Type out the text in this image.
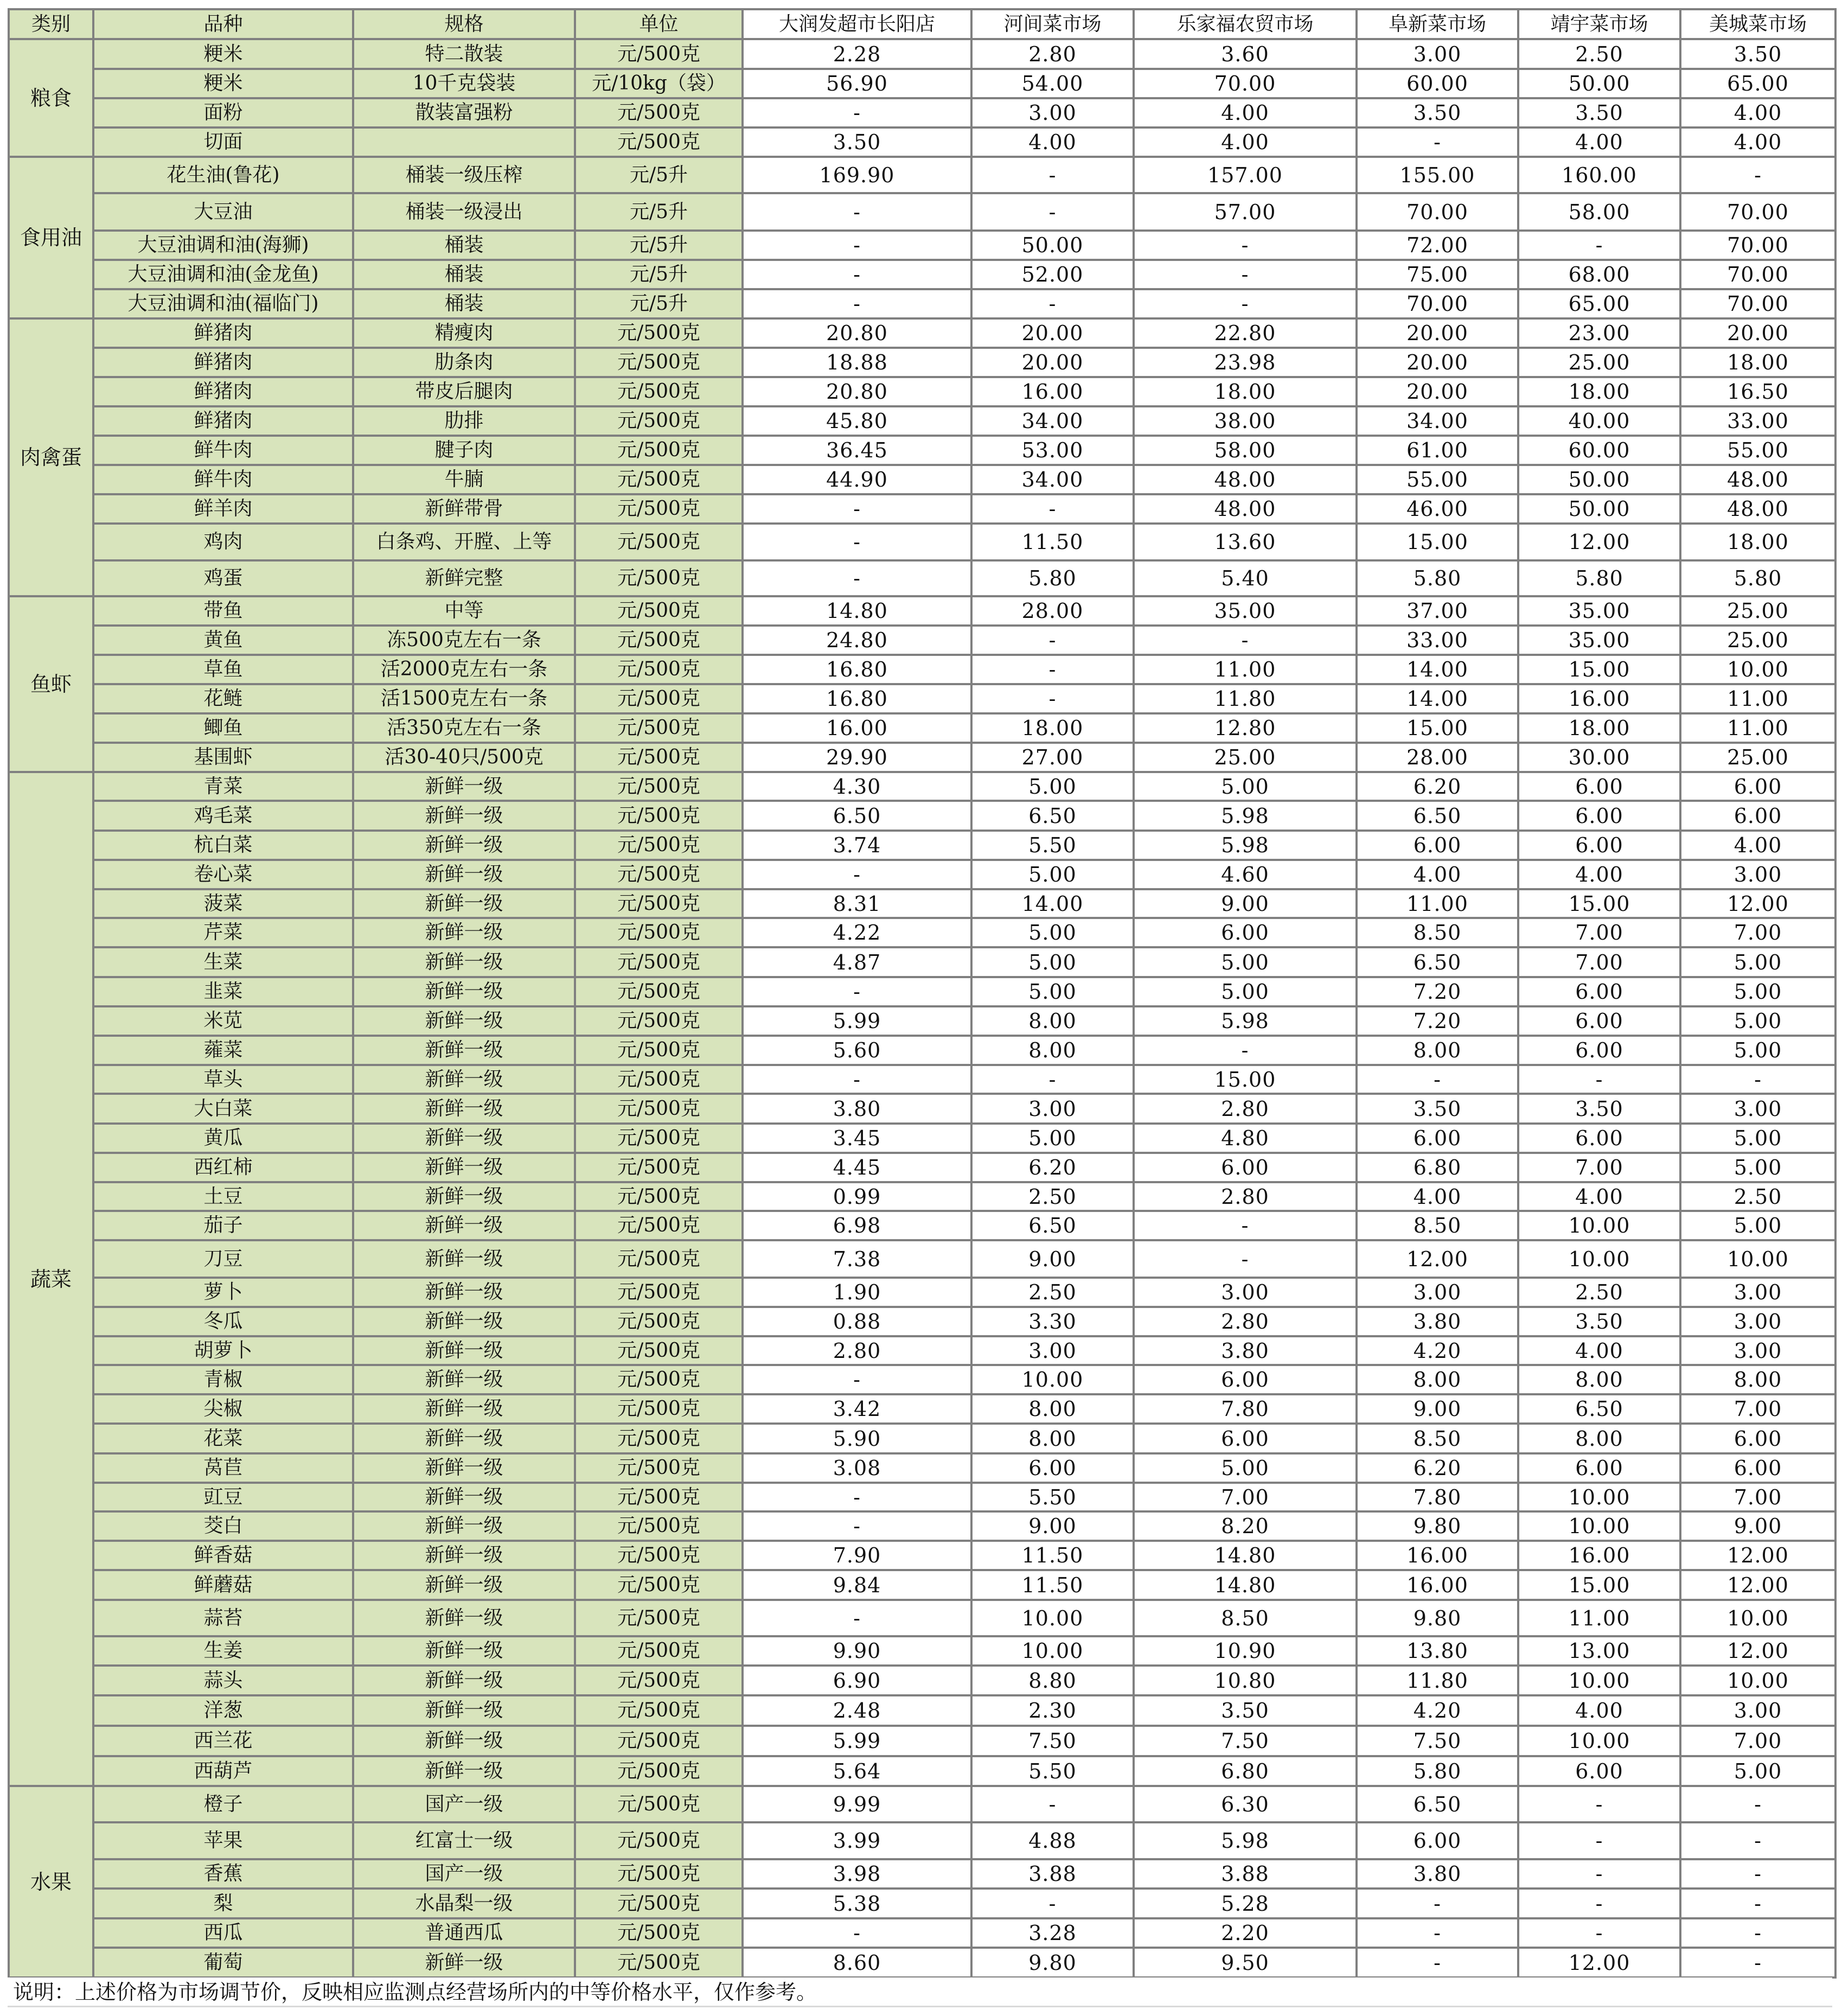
类别	品种	规格	单位	大润发超市长阳店	河间菜市场	乐家福农贸市场	阜新菜市场	靖宇菜市场	美城菜市场
粮食	粳米	特二散装	元/500克	2.28	2.80	3.60	3.00	2.50	3.50
	粳米	10千克袋装	元/10kg（袋）	56.90	54.00	70.00	60.00	50.00	65.00
	面粉	散装富强粉	元/500克	-	3.00	4.00	3.50	3.50	4.00
	切面		元/500克	3.50	4.00	4.00	-	4.00	4.00
食用油	花生油(鲁花)	桶装一级压榨	元/5升	169.90	-	157.00	155.00	160.00	-
	大豆油	桶装一级浸出	元/5升	-	-	57.00	70.00	58.00	70.00
	大豆油调和油(海狮)	桶装	元/5升	-	50.00	-	72.00	-	70.00
	大豆油调和油(金龙鱼)	桶装	元/5升	-	52.00	-	75.00	68.00	70.00
	大豆油调和油(福临门)	桶装	元/5升	-	-	-	70.00	65.00	70.00
肉禽蛋	鲜猪肉	精瘦肉	元/500克	20.80	20.00	22.80	20.00	23.00	20.00
	鲜猪肉	肋条肉	元/500克	18.88	20.00	23.98	20.00	25.00	18.00
	鲜猪肉	带皮后腿肉	元/500克	20.80	16.00	18.00	20.00	18.00	16.50
	鲜猪肉	肋排	元/500克	45.80	34.00	38.00	34.00	40.00	33.00
	鲜牛肉	腱子肉	元/500克	36.45	53.00	58.00	61.00	60.00	55.00
	鲜牛肉	牛腩	元/500克	44.90	34.00	48.00	55.00	50.00	48.00
	鲜羊肉	新鲜带骨	元/500克	-	-	48.00	46.00	50.00	48.00
	鸡肉	白条鸡、开膛、上等	元/500克	-	11.50	13.60	15.00	12.00	18.00
	鸡蛋	新鲜完整	元/500克	-	5.80	5.40	5.80	5.80	5.80
鱼虾	带鱼	中等	元/500克	14.80	28.00	35.00	37.00	35.00	25.00
	黄鱼	冻500克左右一条	元/500克	24.80	-	-	33.00	35.00	25.00
	草鱼	活2000克左右一条	元/500克	16.80	-	11.00	14.00	15.00	10.00
	花鲢	活1500克左右一条	元/500克	16.80	-	11.80	14.00	16.00	11.00
	鲫鱼	活350克左右一条	元/500克	16.00	18.00	12.80	15.00	18.00	11.00
	基围虾	活30-40只/500克	元/500克	29.90	27.00	25.00	28.00	30.00	25.00
蔬菜	青菜	新鲜一级	元/500克	4.30	5.00	5.00	6.20	6.00	6.00
	鸡毛菜	新鲜一级	元/500克	6.50	6.50	5.98	6.50	6.00	6.00
	杭白菜	新鲜一级	元/500克	3.74	5.50	5.98	6.00	6.00	4.00
	卷心菜	新鲜一级	元/500克	-	5.00	4.60	4.00	4.00	3.00
	菠菜	新鲜一级	元/500克	8.31	14.00	9.00	11.00	15.00	12.00
	芹菜	新鲜一级	元/500克	4.22	5.00	6.00	8.50	7.00	7.00
	生菜	新鲜一级	元/500克	4.87	5.00	5.00	6.50	7.00	5.00
	韭菜	新鲜一级	元/500克	-	5.00	5.00	7.20	6.00	5.00
	米苋	新鲜一级	元/500克	5.99	8.00	5.98	7.20	6.00	5.00
	蕹菜	新鲜一级	元/500克	5.60	8.00	-	8.00	6.00	5.00
	草头	新鲜一级	元/500克	-	-	15.00	-	-	-
	大白菜	新鲜一级	元/500克	3.80	3.00	2.80	3.50	3.50	3.00
	黄瓜	新鲜一级	元/500克	3.45	5.00	4.80	6.00	6.00	5.00
	西红柿	新鲜一级	元/500克	4.45	6.20	6.00	6.80	7.00	5.00
	土豆	新鲜一级	元/500克	0.99	2.50	2.80	4.00	4.00	2.50
	茄子	新鲜一级	元/500克	6.98	6.50	-	8.50	10.00	5.00
	刀豆	新鲜一级	元/500克	7.38	9.00	-	12.00	10.00	10.00
	萝卜	新鲜一级	元/500克	1.90	2.50	3.00	3.00	2.50	3.00
	冬瓜	新鲜一级	元/500克	0.88	3.30	2.80	3.80	3.50	3.00
	胡萝卜	新鲜一级	元/500克	2.80	3.00	3.80	4.20	4.00	3.00
	青椒	新鲜一级	元/500克	-	10.00	6.00	8.00	8.00	8.00
	尖椒	新鲜一级	元/500克	3.42	8.00	7.80	9.00	6.50	7.00
	花菜	新鲜一级	元/500克	5.90	8.00	6.00	8.50	8.00	6.00
	莴苣	新鲜一级	元/500克	3.08	6.00	5.00	6.20	6.00	6.00
	豇豆	新鲜一级	元/500克	-	5.50	7.00	7.80	10.00	7.00
	茭白	新鲜一级	元/500克	-	9.00	8.20	9.80	10.00	9.00
	鲜香菇	新鲜一级	元/500克	7.90	11.50	14.80	16.00	16.00	12.00
	鲜蘑菇	新鲜一级	元/500克	9.84	11.50	14.80	16.00	15.00	12.00
	蒜苔	新鲜一级	元/500克	-	10.00	8.50	9.80	11.00	10.00
	生姜	新鲜一级	元/500克	9.90	10.00	10.90	13.80	13.00	12.00
	蒜头	新鲜一级	元/500克	6.90	8.80	10.80	11.80	10.00	10.00
	洋葱	新鲜一级	元/500克	2.48	2.30	3.50	4.20	4.00	3.00
	西兰花	新鲜一级	元/500克	5.99	7.50	7.50	7.50	10.00	7.00
	西葫芦	新鲜一级	元/500克	5.64	5.50	6.80	5.80	6.00	5.00
水果	橙子	国产一级	元/500克	9.99	-	6.30	6.50	-	-
	苹果	红富士一级	元/500克	3.99	4.88	5.98	6.00	-	-
	香蕉	国产一级	元/500克	3.98	3.88	3.88	3.80	-	-
	梨	水晶梨一级	元/500克	5.38	-	5.28	-	-	-
	西瓜	普通西瓜	元/500克	-	3.28	2.20	-	-	-
	葡萄	新鲜一级	元/500克	8.60	9.80	9.50	-	12.00	-
说明：上述价格为市场调节价，反映相应监测点经营场所内的中等价格水平，仅作参考。
